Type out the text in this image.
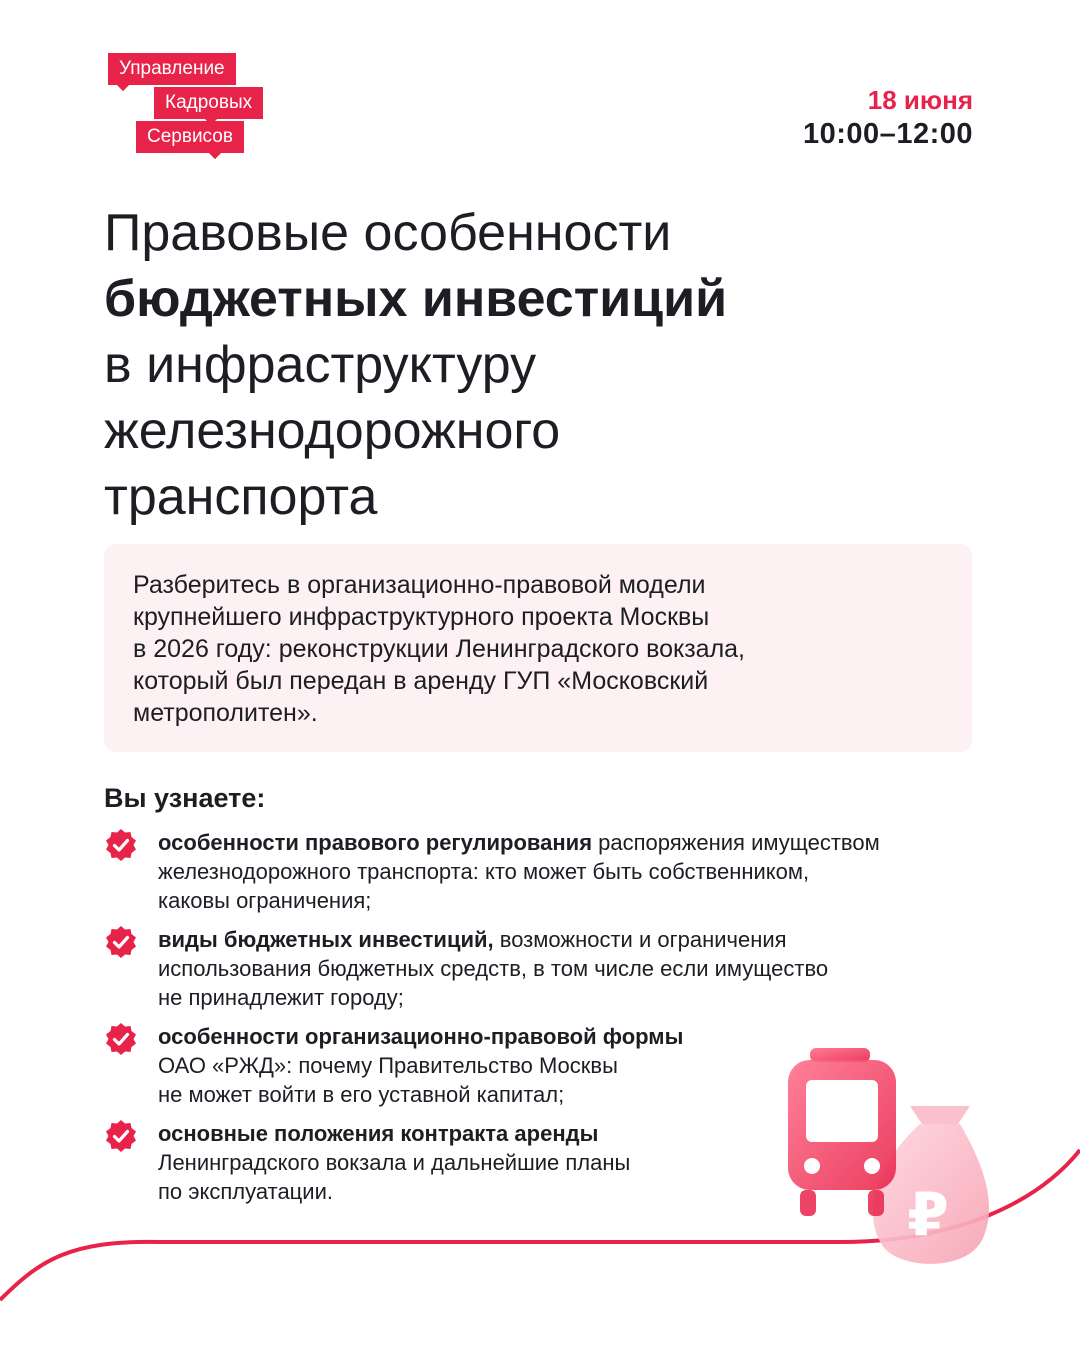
Управление
Кадровых
Сервисов
18 июня
10:00–12:00
Правовые особенности
бюджетных инвестиций
в инфраструктуру
железнодорожного
транспорта
Разберитесь в организационно-правовой модели
крупнейшего инфраструктурного проекта Москвы
в 2026 году: реконструкции Ленинградского вокзала,
который был передан в аренду ГУП «Московский
метрополитен».
Вы узнаете:
особенности правового регулирования распоряжения имуществом
железнодорожного транспорта: кто может быть собственником,
каковы ограничения;
виды бюджетных инвестиций, возможности и ограничения
использования бюджетных средств, в том числе если имущество
не принадлежит городу;
особенности организационно-правовой формы
ОАО «РЖД»: почему Правительство Москвы
не может войти в его уставной капитал;
основные положения контракта аренды
Ленинградского вокзала и дальнейшие планы
по эксплуатации.	₽
